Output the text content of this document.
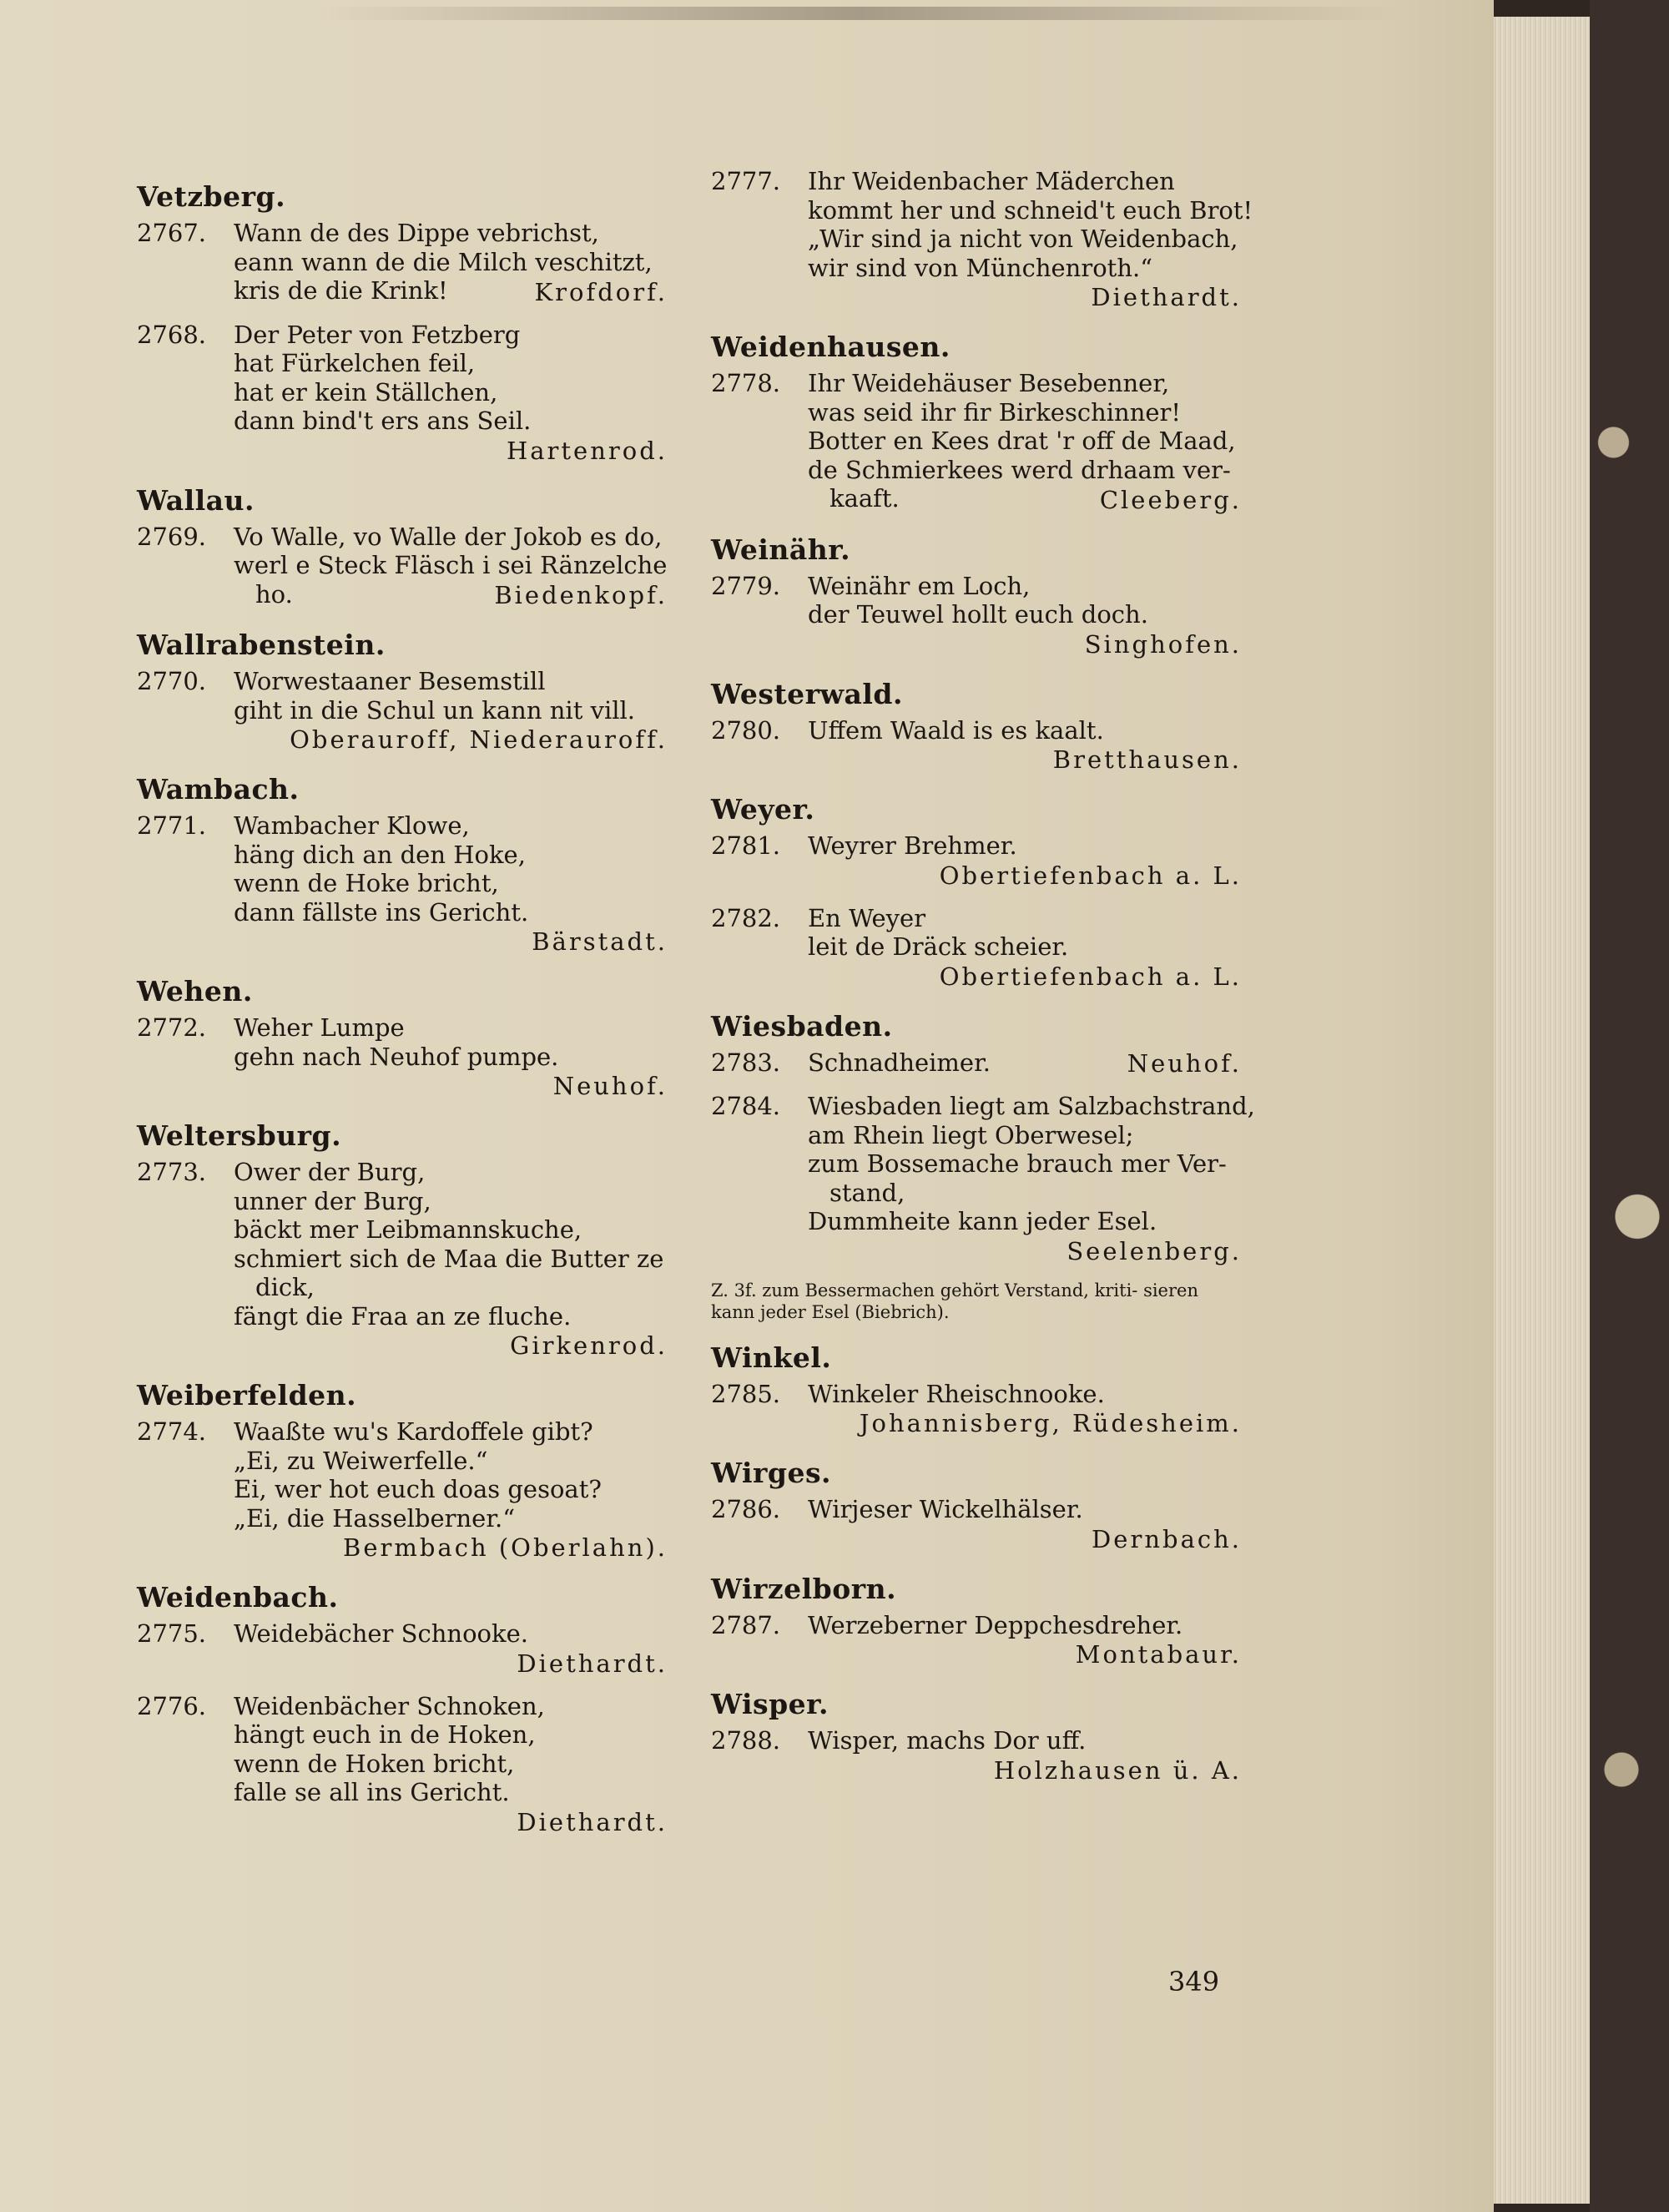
Vetzberg.
2767. Wann de des Dippe vebrichst,
eann wann de die Milch veschitzt,
kris de die Krink!	Krofdorf.
2768. Der Peter von Fetzberg
hat Fürkelchen feil,
hat er kein Ställchen,
dann bind't ers ans Seil.
Hartenrod.
Wallau.
2769. Vo Walle, vo Walle der Jokob es do,
werl e Steck Fläsch i sei Ränzelche
ho.	Biedenkopf.
Wallrabenstein.
2770. Worwestaaner Besemstill
giht in die Schul un kann nit vill.
Oberauroff, Niederauroff.
Wambach.
2771. Wambacher Klowe,
häng dich an den Hoke,
wenn de Hoke bricht,
dann fällste ins Gericht.
Bärstadt.
Wehen.
2772. Weher Lumpe
gehn nach Neuhof pumpe.
Neuhof.
Weltersburg.
2773. Ower der Burg,
unner der Burg,
bäckt mer Leibmannskuche,
schmiert sich de Maa die Butter ze
dick,
fängt die Fraa an ze fluche.
Girkenrod.
Weiberfelden.
2774. Waaßte wu's Kardoffele gibt?
„Ei, zu Weiwerfelle.“
Ei, wer hot euch doas gesoat?
„Ei, die Hasselberner.“
Bermbach (Oberlahn).
Weidenbach.
2775. Weidebächer Schnooke.
Diethardt.
2776. Weidenbächer Schnoken,
hängt euch in de Hoken,
wenn de Hoken bricht,
falle se all ins Gericht.
Diethardt.
2777. Ihr Weidenbacher Mäderchen
kommt her und schneid't euch Brot!
„Wir sind ja nicht von Weidenbach,
wir sind von Münchenroth.“
Diethardt.
Weidenhausen.
2778. Ihr Weidehäuser Besebenner,
was seid ihr fir Birkeschinner!
Botter en Kees drat 'r off de Maad,
de Schmierkees werd drhaam ver-
kaaft.	Cleeberg.
Weinähr.
2779. Weinähr em Loch,
der Teuwel hollt euch doch.
Singhofen.
Westerwald.
2780. Uffem Waald is es kaalt.
Bretthausen.
Weyer.
2781. Weyrer Brehmer.
Obertiefenbach a. L.
2782. En Weyer
leit de Dräck scheier.
Obertiefenbach a. L.
Wiesbaden.
2783. Schnadheimer.	Neuhof.
2784. Wiesbaden liegt am Salzbachstrand,
am Rhein liegt Oberwesel;
zum Bossemache brauch mer Ver-
stand,
Dummheite kann jeder Esel.
Seelenberg.
Z. 3f. zum Bessermachen gehört Verstand, kriti- sieren kann jeder Esel (Biebrich).
Winkel.
2785. Winkeler Rheischnooke.
Johannisberg, Rüdesheim.
Wirges.
2786. Wirjeser Wickelhälser.
Dernbach.
Wirzelborn.
2787. Werzeberner Deppchesdreher.
Montabaur.
Wisper.
2788. Wisper, machs Dor uff.
Holzhausen ü. A.
349
